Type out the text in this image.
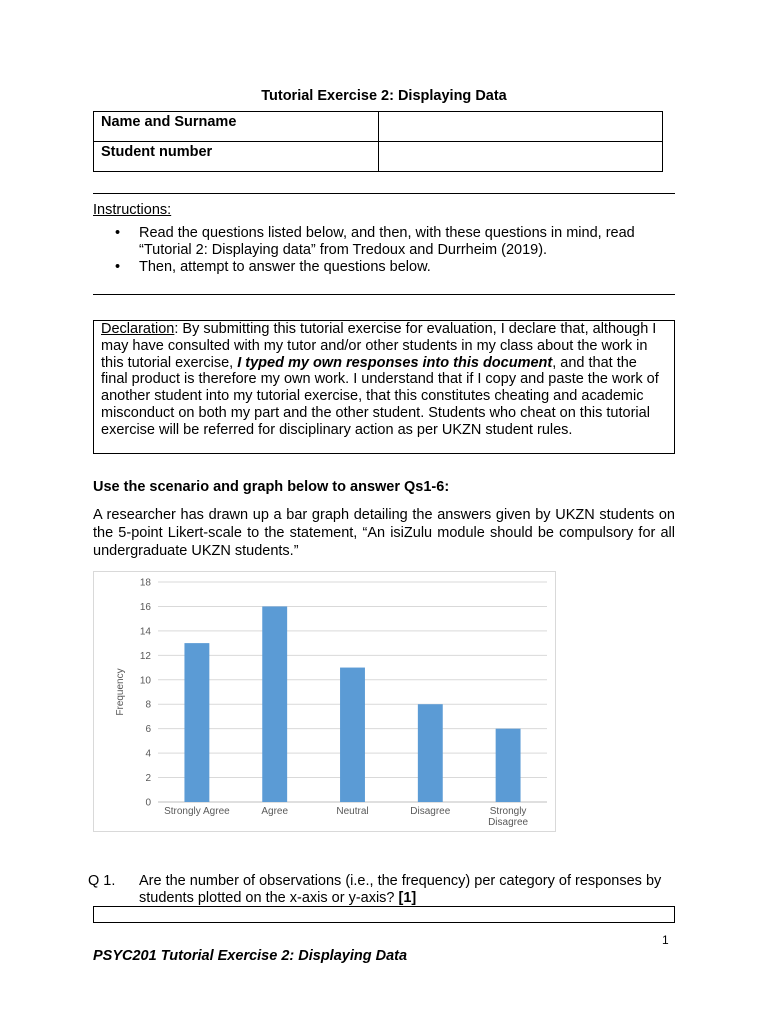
Tutorial Exercise 2: Displaying Data
Name and Surname	
Student number	
Instructions:
• Read the questions listed below, and then, with these questions in mind, read “Tutorial 2: Displaying data” from Tredoux and Durrheim (2019).
• Then, attempt to answer the questions below.
Declaration: By submitting this tutorial exercise for evaluation, I declare that, although I may have consulted with my tutor and/or other students in my class about the work in this tutorial exercise, I typed my own responses into this document, and that the final product is therefore my own work. I understand that if I copy and paste the work of another student into my tutorial exercise, that this constitutes cheating and academic misconduct on both my part and the other student. Students who cheat on this tutorial exercise will be referred for disciplinary action as per UKZN student rules.
Use the scenario and graph below to answer Qs1-6:
A researcher has drawn up a bar graph detailing the answers given by UKZN students on the 5-point Likert-scale to the statement, “An isiZulu module should be compulsory for all undergraduate UKZN students.”
0
2
4
6
8
10
12
14
16
18
Strongly Agree	Agree	Neutral	Disagree	Strongly
Disagree
Frequency
Q 1. Are the number of observations (i.e., the frequency) per category of responses by students plotted on the x-axis or y-axis? [1]
1
PSYC201 Tutorial Exercise 2: Displaying Data
